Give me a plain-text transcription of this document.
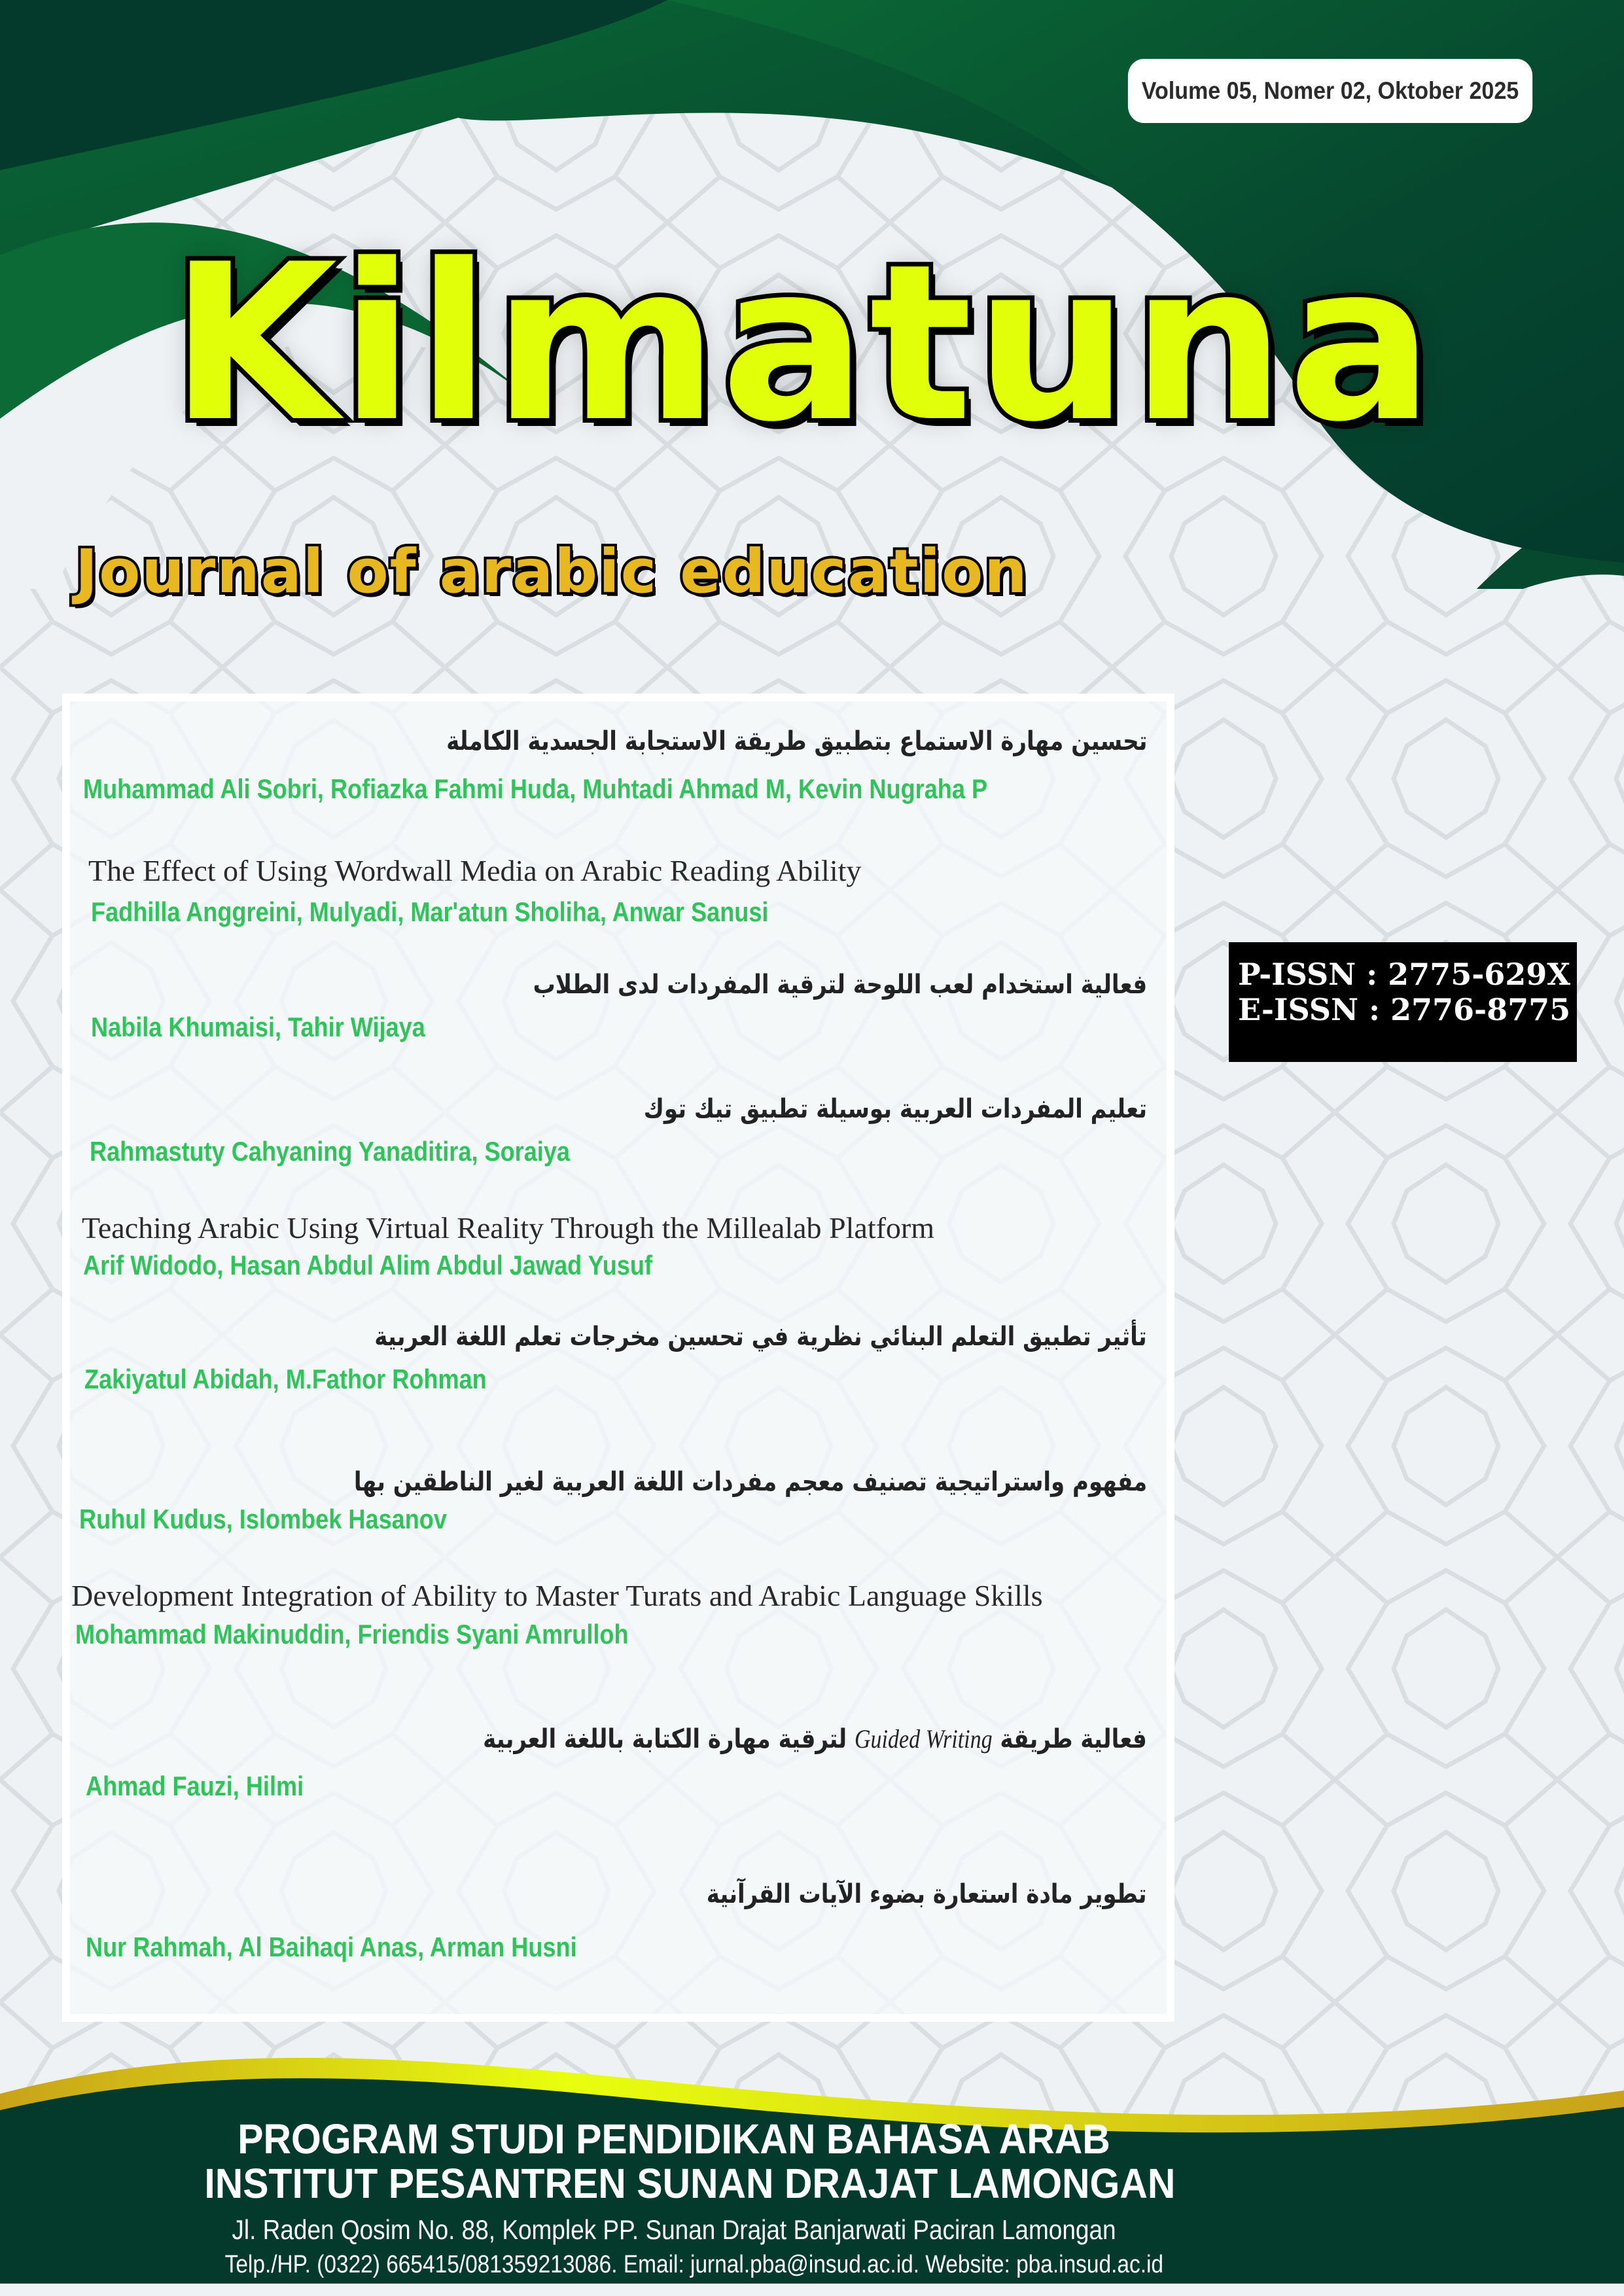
Volume 05, Nomer 02, Oktober 2025
Kilmatuna
Journal of arabic education
P-ISSN : 2775-629X
E-ISSN : 2776-8775
تحسين مهارة الاستماع بتطبيق طريقة الاستجابة الجسدية الكاملة
Muhammad Ali Sobri, Rofiazka Fahmi Huda, Muhtadi Ahmad M, Kevin Nugraha P
The Effect of Using Wordwall Media on Arabic Reading Ability
Fadhilla Anggreini, Mulyadi, Mar'atun Sholiha, Anwar Sanusi
فعالية استخدام لعب اللوحة لترقية المفردات لدى الطلاب
Nabila Khumaisi, Tahir Wijaya
تعليم المفردات العربية بوسيلة تطبيق تيك توك
Rahmastuty Cahyaning Yanaditira, Soraiya
Teaching Arabic Using Virtual Reality Through the Millealab Platform
Arif Widodo, Hasan Abdul Alim Abdul Jawad Yusuf
تأثير تطبيق التعلم البنائي نظرية في تحسين مخرجات تعلم اللغة العربية
Zakiyatul Abidah, M.Fathor Rohman
مفهوم واستراتيجية تصنيف معجم مفردات اللغة العربية لغير الناطقين بها
Ruhul Kudus, Islombek Hasanov
Development Integration of Ability to Master Turats and Arabic Language Skills
Mohammad Makinuddin, Friendis Syani Amrulloh
فعالية طريقة Guided Writing لترقية مهارة الكتابة باللغة العربية
Ahmad Fauzi, Hilmi
تطوير مادة استعارة بضوء الآيات القرآنية
Nur Rahmah, Al Baihaqi Anas, Arman Husni
PROGRAM STUDI PENDIDIKAN BAHASA ARAB
INSTITUT PESANTREN SUNAN DRAJAT LAMONGAN
Jl. Raden Qosim No. 88, Komplek PP. Sunan Drajat Banjarwati Paciran Lamongan
Telp./HP. (0322) 665415/081359213086. Email: jurnal.pba@insud.ac.id. Website: pba.insud.ac.id
